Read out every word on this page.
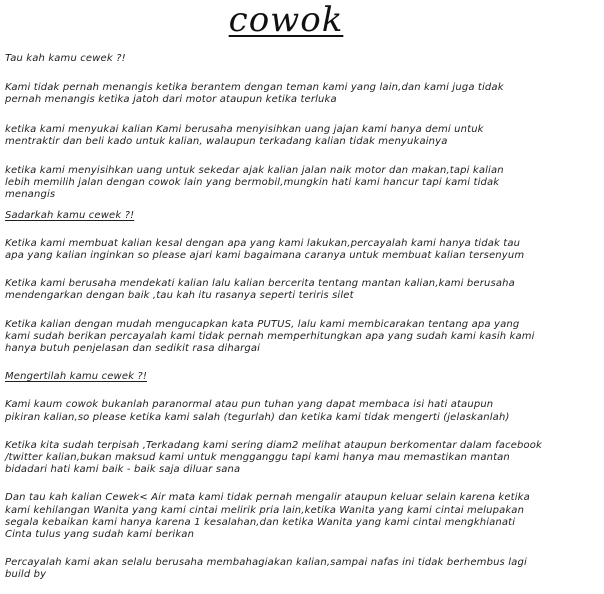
cowok

Tau kah kamu cewek ?!

Kami tidak pernah menangis ketika berantem dengan teman kami yang lain,dan kami juga tidak
pernah menangis ketika jatoh dari motor ataupun ketika terluka

ketika kami menyukai kalian Kami berusaha menyisihkan uang jajan kami hanya demi untuk
mentraktir dan beli kado untuk kalian, walaupun terkadang kalian tidak menyukainya

ketika kami menyisihkan uang untuk sekedar ajak kalian jalan naik motor dan makan,tapi kalian
lebih memilih jalan dengan cowok lain yang bermobil,mungkin hati kami hancur tapi kami tidak
menangis

Sadarkah kamu cewek ?!

Ketika kami membuat kalian kesal dengan apa yang kami lakukan,percayalah kami hanya tidak tau
apa yang kalian inginkan so please ajari kami bagaimana caranya untuk membuat kalian tersenyum

Ketika kami berusaha mendekati kalian lalu kalian bercerita tentang mantan kalian,kami berusaha
mendengarkan dengan baik ,tau kah itu rasanya seperti teriris silet

Ketika kalian dengan mudah mengucapkan kata PUTUS, lalu kami membicarakan tentang apa yang
kami sudah berikan percayalah kami tidak pernah memperhitungkan apa yang sudah kami kasih kami
hanya butuh penjelasan dan sedikit rasa dihargai

Mengertilah kamu cewek ?!

Kami kaum cowok bukanlah paranormal atau pun tuhan yang dapat membaca isi hati ataupun
pikiran kalian,so please ketika kami salah (tegurlah) dan ketika kami tidak mengerti (jelaskanlah)

Ketika kita sudah terpisah ,Terkadang kami sering diam2 melihat ataupun berkomentar dalam facebook
/twitter kalian,bukan maksud kami untuk mengganggu tapi kami hanya mau memastikan mantan
bidadari hati kami baik - baik saja diluar sana

Dan tau kah kalian Cewek< Air mata kami tidak pernah mengalir ataupun keluar selain karena ketika
kami kehilangan Wanita yang kami cintai melirik pria lain,ketika Wanita yang kami cintai melupakan
segala kebaikan kami hanya karena 1 kesalahan,dan ketika Wanita yang kami cintai mengkhianati
Cinta tulus yang sudah kami berikan

Percayalah kami akan selalu berusaha membahagiakan kalian,sampai nafas ini tidak berhembus lagi
build by
